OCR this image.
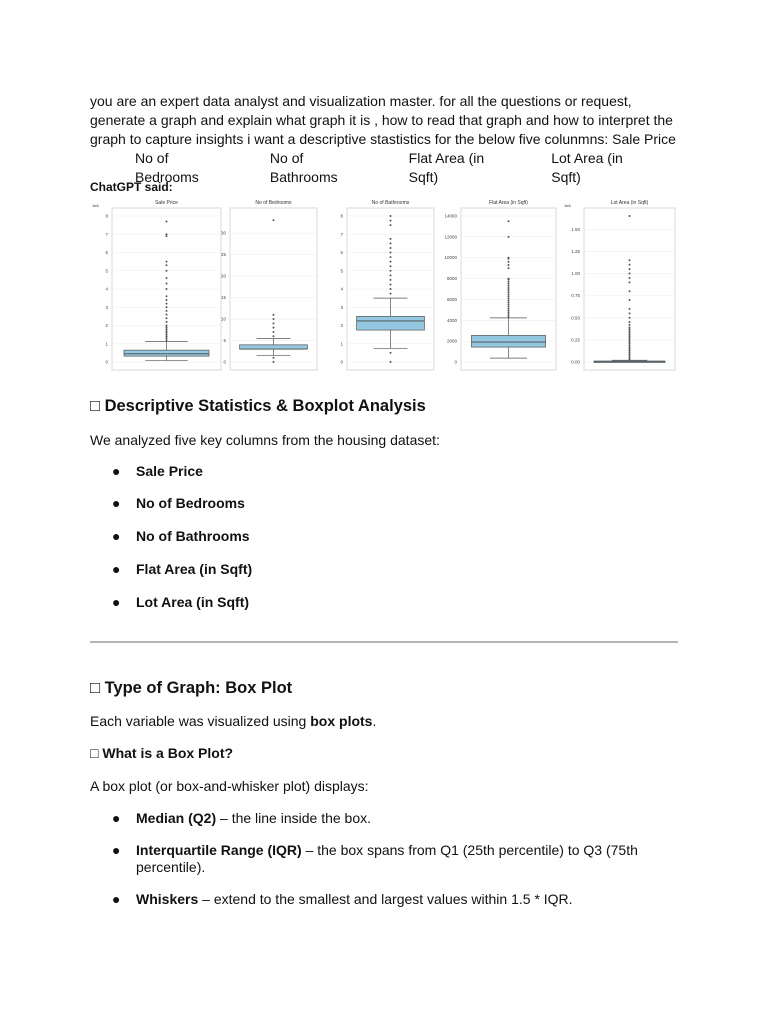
you are an expert data analyst and visualization master. for all the questions or request,

generate a graph and explain what graph it is , how to read that graph and how to interpret the

graph to capture insights i want a descriptive stastistics for the below five colunmns: Sale Price

No of Bedrooms
No of Bathrooms
Flat Area (in Sqft)
Lot Area (in Sqft)

ChatGPT said:
Sale Price
1e6
0
1
2
3
4
5
6
7
8
No of Bedrooms
0
5
10
15
20
25
30
No of Bathrooms
0
1
2
3
4
5
6
7
8
Flat Area (in Sqft)
0
2000
4000
6000
8000
10000
12000
14000
Lot Area (in Sqft)
1e6
0.00
0.25
0.50
0.75
1.00
1.25
1.50
□ Descriptive Statistics & Boxplot Analysis
We analyzed five key columns from the housing dataset:
● Sale Price
● No of Bedrooms
● No of Bathrooms
● Flat Area (in Sqft)
● Lot Area (in Sqft)
□ Type of Graph: Box Plot
Each variable was visualized using box plots.
□ What is a Box Plot?
A box plot (or box-and-whisker plot) displays:
● Median (Q2) – the line inside the box.
● Interquartile Range (IQR) – the box spans from Q1 (25th percentile) to Q3 (75th percentile).
● Whiskers – extend to the smallest and largest values within 1.5 * IQR.
